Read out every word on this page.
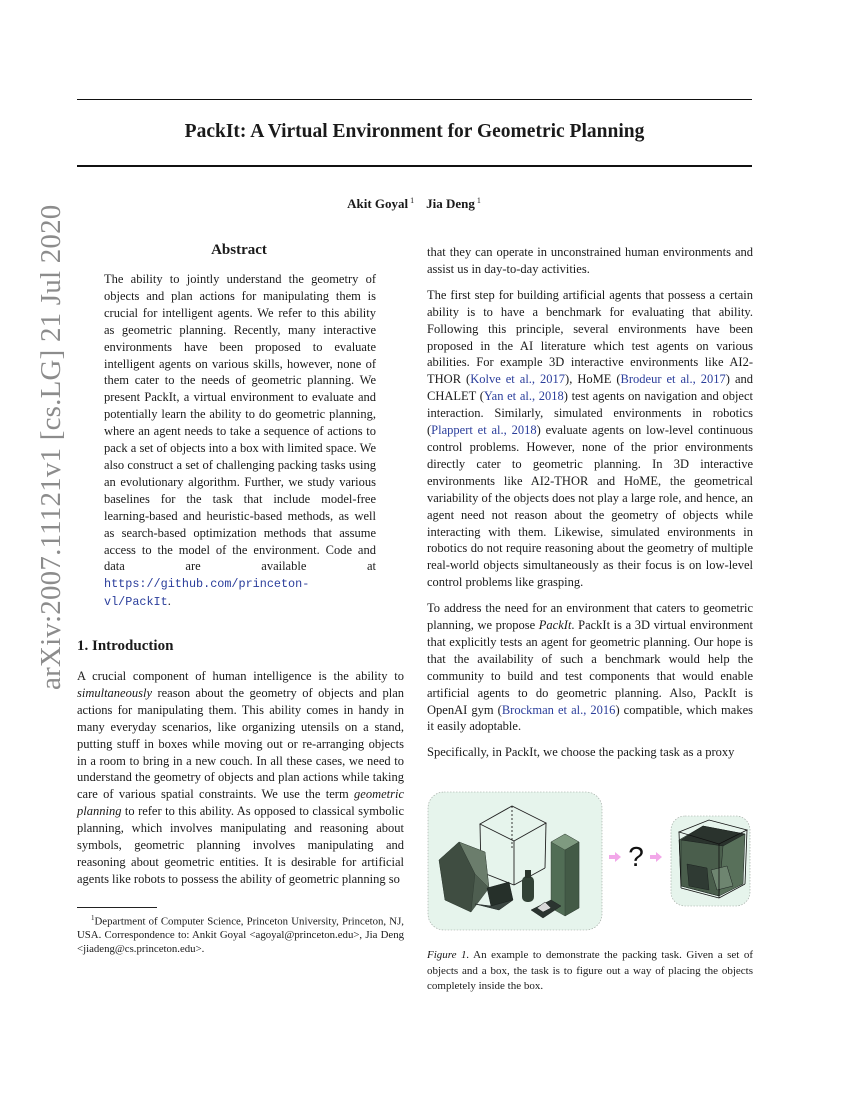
PackIt: A Virtual Environment for Geometric Planning
Akit Goyal $^1$ Jia Deng $^1$
arXiv:2007.11121v1 [cs.LG] 21 Jul 2020	Abstract
The ability to jointly understand the geometry of objects and plan actions for manipulating them is crucial for intelligent agents. We refer to this ability as geometric planning. Recently, many interactive environments have been proposed to evaluate intelligent agents on various skills, however, none of them cater to the needs of geometric planning. We present PackIt, a virtual environment to evaluate and potentially learn the ability to do geometric planning, where an agent needs to take a sequence of actions to pack a set of objects into a box with limited space. We also construct a set of challenging packing tasks using an evolutionary algorithm. Further, we study various baselines for the task that include model-free learning-based and heuristic-based methods, as well as search-based optimization methods that assume access to the model of the environment. Code and data are available at https://github.com/princeton-vl/PackIt.
1. Introduction

A crucial component of human intelligence is the ability to simultaneously reason about the geometry of objects and plan actions for manipulating them. This ability comes in handy in many everyday scenarios, like organizing utensils on a stand, putting stuff in boxes while moving out or re-arranging objects in a room to bring in a new couch. In all these cases, we need to understand the geometry of objects and plan actions while taking care of various spatial constraints. We use the term geometric planning to refer to this ability. As opposed to classical symbolic planning, which involves manipulating and reasoning about symbols, geometric planning involves manipulating and reasoning about geometric entities. It is desirable for artificial agents like robots to possess the ability of geometric planning so

that they can operate in unconstrained human environments and assist us in day-to-day activities.

The first step for building artificial agents that possess a certain ability is to have a benchmark for evaluating that ability. Following this principle, several environments have been proposed in the AI literature which test agents on various abilities. For example 3D interactive environments like AI2-THOR (Kolve et al., 2017), HoME (Brodeur et al., 2017) and CHALET (Yan et al., 2018) test agents on navigation and object interaction. Similarly, simulated environments in robotics (Plappert et al., 2018) evaluate agents on low-level continuous control problems. However, none of the prior environments directly cater to geometric planning. In 3D interactive environments like AI2-THOR and HoME, the geometrical variability of the objects does not play a large role, and hence, an agent need not reason about the geometry of objects while interacting with them. Likewise, simulated environments in robotics do not require reasoning about the geometry of multiple real-world objects simultaneously as their focus is on low-level control problems like grasping.

To address the need for an environment that caters to geometric planning, we propose PackIt. PackIt is a 3D virtual environment that explicitly tests an agent for geometric planning. Our hope is that the availability of such a benchmark would help the community to build and test components that would enable artificial agents to do geometric planning. Also, PackIt is OpenAI gym (Brockman et al., 2016) compatible, which makes it easily adoptable.

Specifically, in PackIt, we choose the packing task as a proxy

$^1$Department of Computer Science, Princeton University, Princeton, NJ, USA. Correspondence to: Ankit Goyal <agoyal@princeton.edu>, Jia Deng <jiadeng@cs.princeton.edu>.

?

Figure 1. An example to demonstrate the packing task. Given a set of objects and a box, the task is to figure out a way of placing the objects completely inside the box.
